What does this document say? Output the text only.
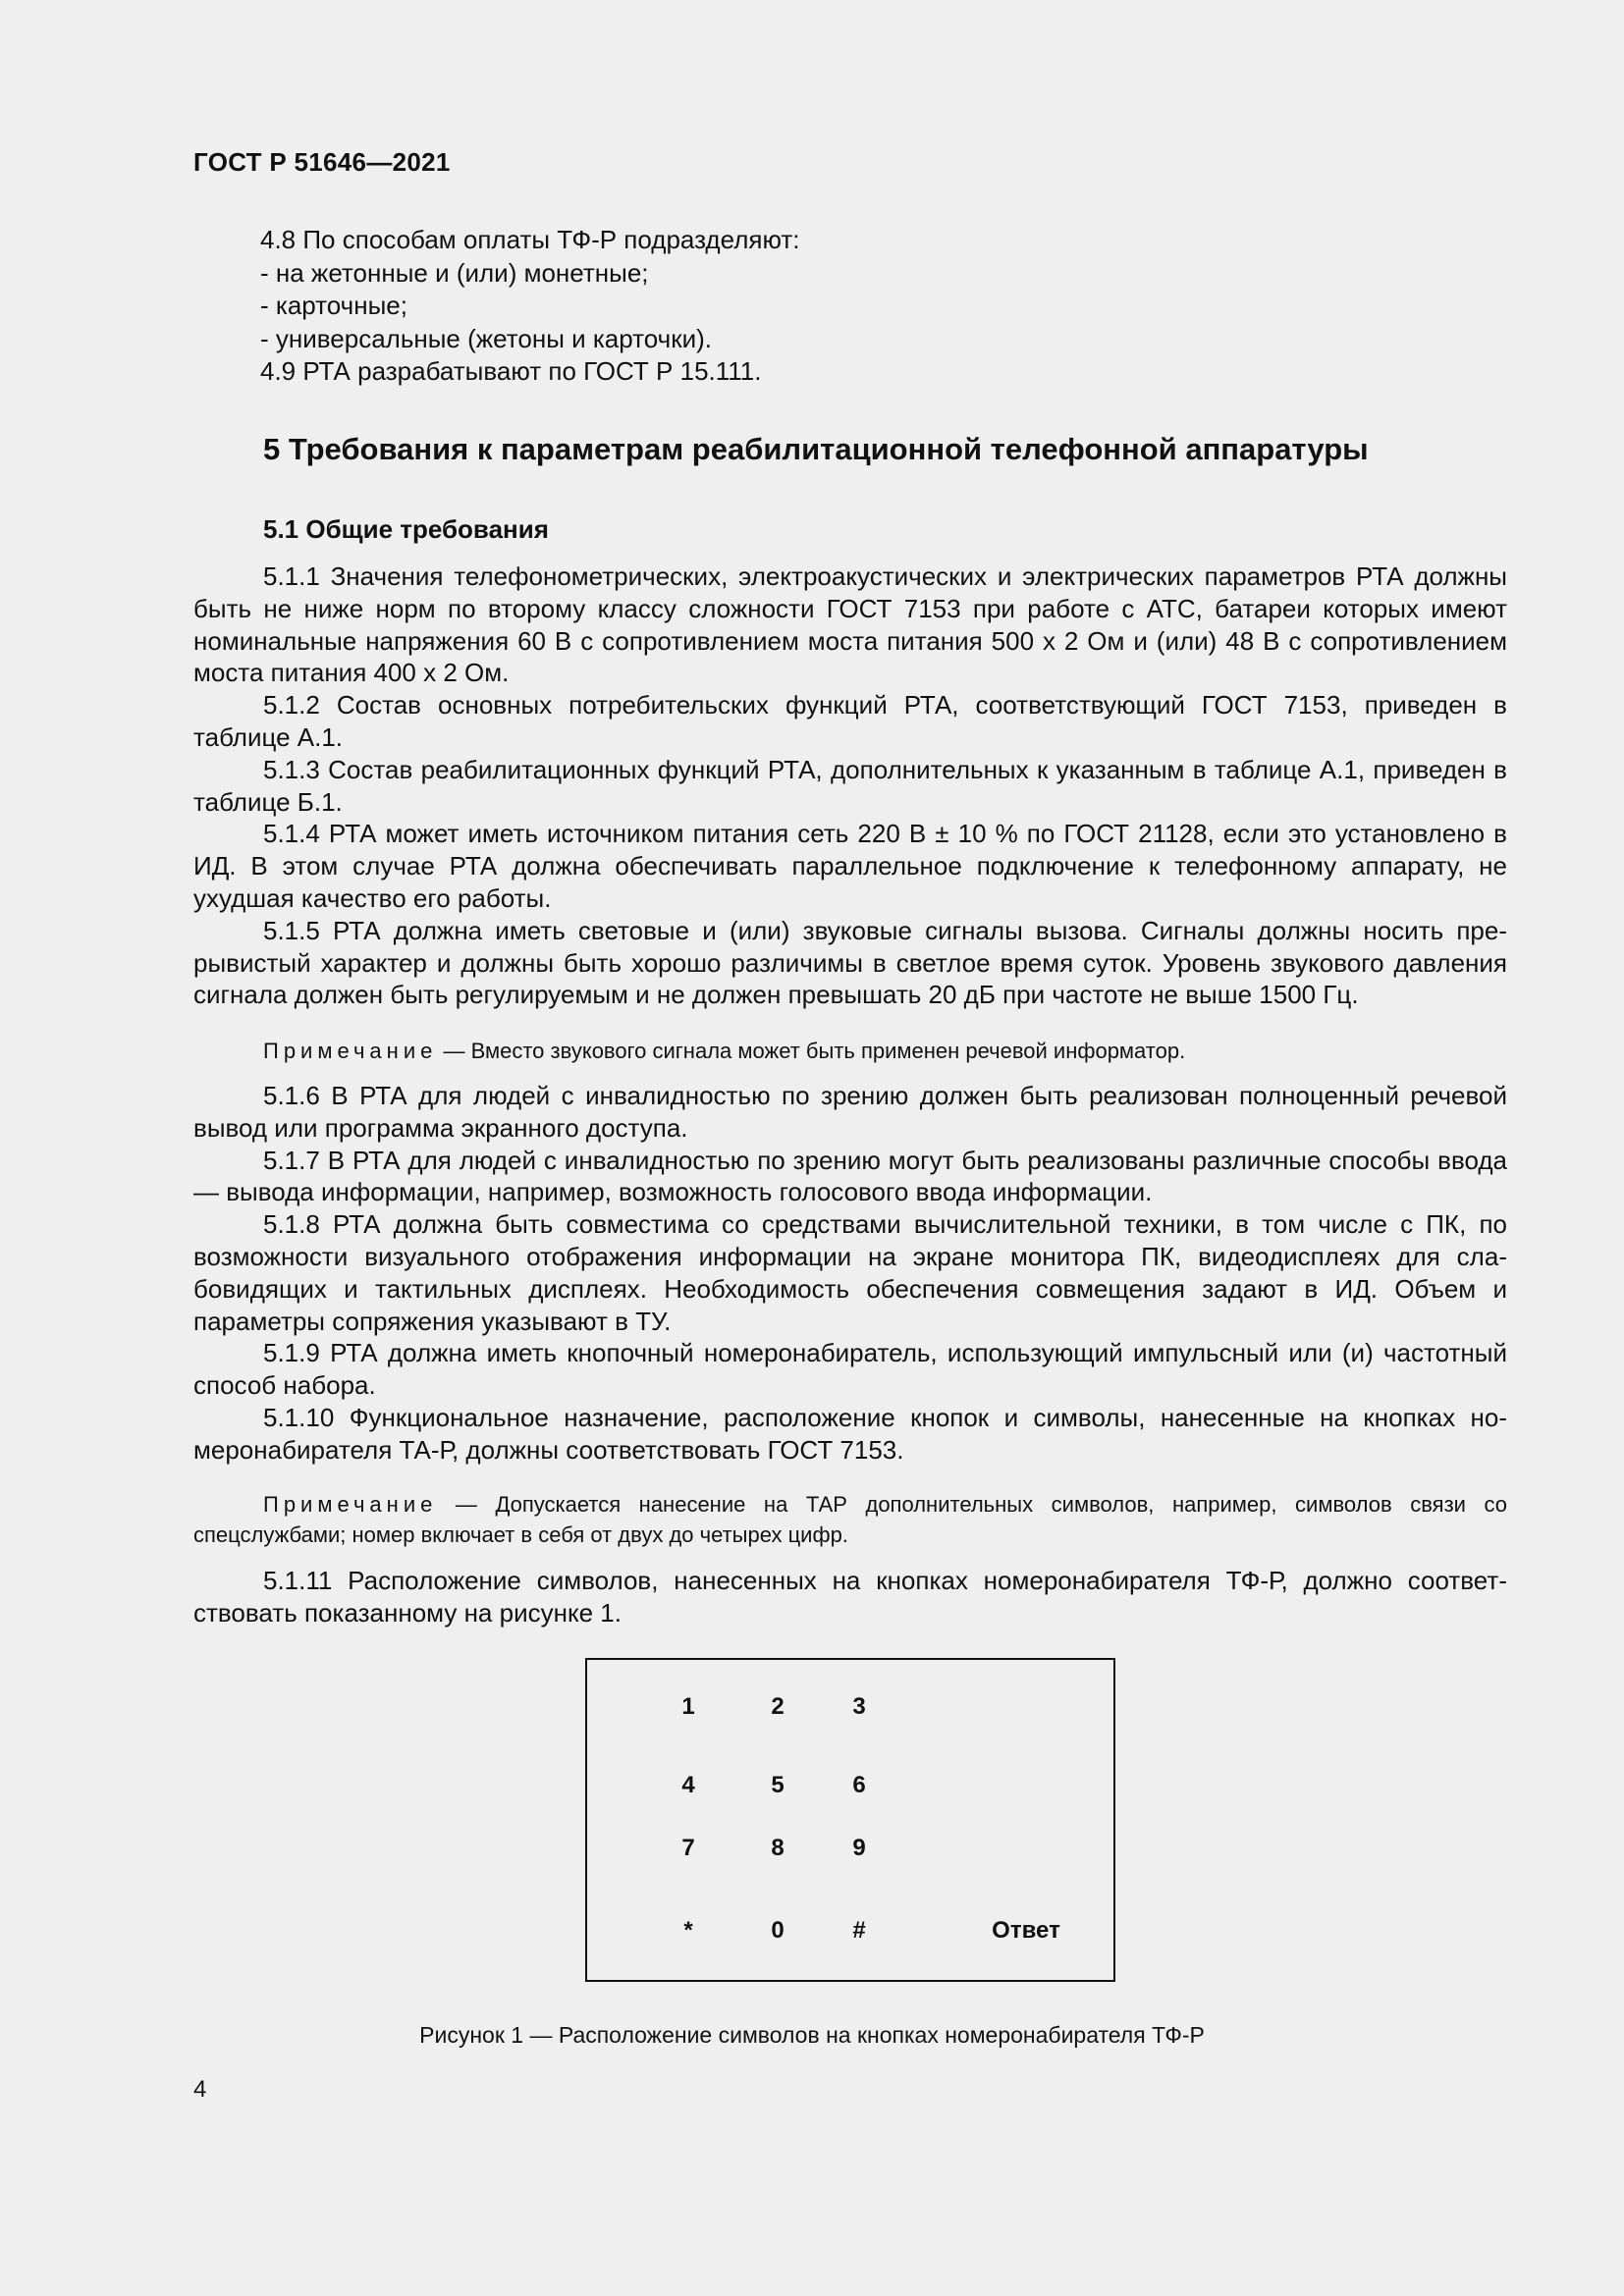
ГОСТ Р 51646—2021
4.8 По способам оплаты ТФ-Р подразделяют:
- на жетонные и (или) монетные;
- карточные;
- универсальные (жетоны и карточки).
4.9 РТА разрабатывают по ГОСТ Р 15.111.
5 Требования к параметрам реабилитационной телефонной аппаратуры
5.1 Общие требования

5.1.1 Значения телефонометрических, электроакустических и электрических параметров РТА должны быть не ниже норм по второму классу сложности ГОСТ 7153 при работе с АТС, батареи которых имеют номинальные напряжения 60 В с сопротивлением моста питания 500 х 2 Ом и (или) 48 В с сопротивлением моста питания 400 х 2 Ом.

5.1.2 Состав основных потребительских функций РТА, соответствующий ГОСТ 7153, приведен в таблице А.1.

5.1.3 Состав реабилитационных функций РТА, дополнительных к указанным в таблице А.1, приведен в таблице Б.1.

5.1.4 РТА может иметь источником питания сеть 220 В ± 10 % по ГОСТ 21128, если это установлено в ИД. В этом случае РТА должна обеспечивать параллельное подключение к телефонному аппарату, не ухудшая качество его работы.

5.1.5 РТА должна иметь световые и (или) звуковые сигналы вызова. Сигналы должны носить прерывистый характер и должны быть хорошо различимы в светлое время суток. Уровень звукового давления сигнала должен быть регулируемым и не должен превышать 20 дБ при частоте не выше 1500 Гц.

Примечание — Вместо звукового сигнала может быть применен речевой информатор.

5.1.6 В РТА для людей с инвалидностью по зрению должен быть реализован полноценный речевой вывод или программа экранного доступа.

5.1.7 В РТА для людей с инвалидностью по зрению могут быть реализованы различные способы ввода — вывода информации, например, возможность голосового ввода информации.

5.1.8 РТА должна быть совместима со средствами вычислительной техники, в том числе с ПК, по возможности визуального отображения информации на экране монитора ПК, видеодисплеях для слабовидящих и тактильных дисплеях. Необходимость обеспечения совмещения задают в ИД. Объем и параметры сопряжения указывают в ТУ.

5.1.9 РТА должна иметь кнопочный номеронабиратель, использующий импульсный или (и) частотный способ набора.

5.1.10 Функциональное назначение, расположение кнопок и символы, нанесенные на кнопках номеронабирателя ТА-Р, должны соответствовать ГОСТ 7153.

Примечание — Допускается нанесение на ТАР дополнительных символов, например, символов связи со спецслужбами; номер включает в себя от двух до четырех цифр.

5.1.11 Расположение символов, нанесенных на кнопках номеронабирателя ТФ-Р, должно соответствовать показанному на рисунке 1.

1	2	3
4	5	6
7	8	9
*	0	#	Ответ
Рисунок 1 — Расположение символов на кнопках номеронабирателя ТФ-Р
4
